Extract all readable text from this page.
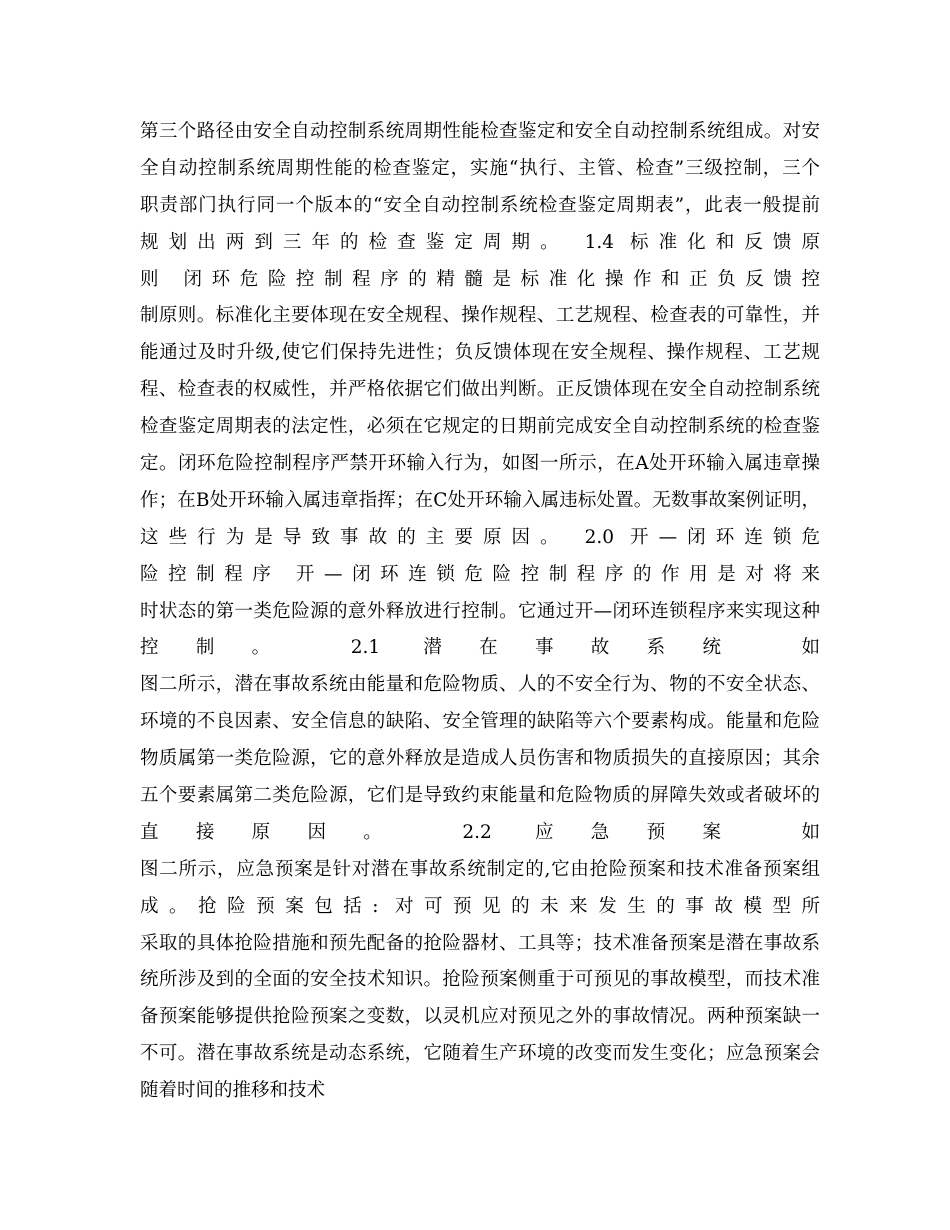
第三个路径由安全自动控制系统周期性能检查鉴定和安全自动控制系统组成。对安
全自动控制系统周期性能的检查鉴定，实施“执行、主管、检查”三级控制，三个
职责部门执行同一个版本的“安全自动控制系统检查鉴定周期表”，此表一般提前
规划出两到三年的检查鉴定周期。 1.4 标准化和反馈原
则 闭环危险控制程序的精髓是标准化操作和正负反馈控
制原则。标准化主要体现在安全规程、操作规程、工艺规程、检查表的可靠性，并
能通过及时升级,使它们保持先进性；负反馈体现在安全规程、操作规程、工艺规
程、检查表的权威性，并严格依据它们做出判断。正反馈体现在安全自动控制系统
检查鉴定周期表的法定性，必须在它规定的日期前完成安全自动控制系统的检查鉴
定。闭环危险控制程序严禁开环输入行为，如图一所示，在A处开环输入属违章操
作；在B处开环输入属违章指挥；在C处开环输入属违标处置。无数事故案例证明，
这些行为是导致事故的主要原因。 2.0 开—闭环连锁危
险控制程序 开—闭环连锁危险控制程序的作用是对将来
时状态的第一类危险源的意外释放进行控制。它通过开—闭环连锁程序来实现这种
控制。 2.1 潜在事故系统 如
图二所示，潜在事故系统由能量和危险物质、人的不安全行为、物的不安全状态、
环境的不良因素、安全信息的缺陷、安全管理的缺陷等六个要素构成。能量和危险
物质属第一类危险源，它的意外释放是造成人员伤害和物质损失的直接原因；其余
五个要素属第二类危险源，它们是导致约束能量和危险物质的屏障失效或者破坏的
直接原因。 2.2 应急预案 如
图二所示，应急预案是针对潜在事故系统制定的,它由抢险预案和技术准备预案组
成。抢险预案包括: 对可预见的未来发生的事故模型所
采取的具体抢险措施和预先配备的抢险器材、工具等；技术准备预案是潜在事故系
统所涉及到的全面的安全技术知识。抢险预案侧重于可预见的事故模型，而技术准
备预案能够提供抢险预案之变数，以灵机应对预见之外的事故情况。两种预案缺一
不可。潜在事故系统是动态系统，它随着生产环境的改变而发生变化；应急预案会
随着时间的推移和技术
